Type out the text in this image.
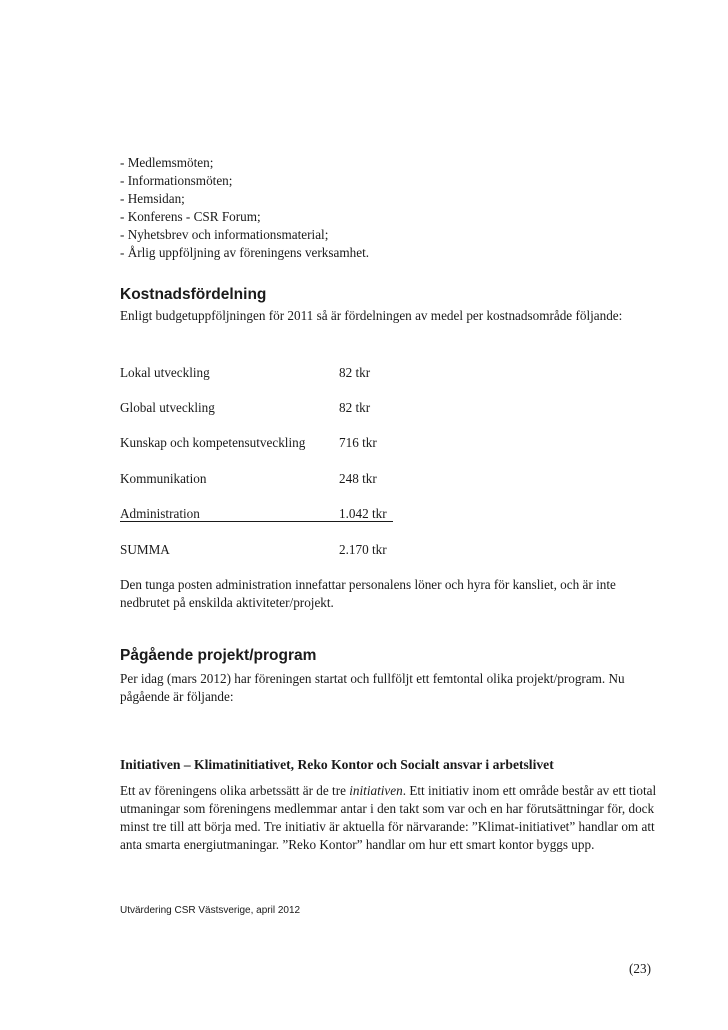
- Medlemsmöten;
- Informationsmöten;
- Hemsidan;
- Konferens - CSR Forum;
- Nyhetsbrev och informationsmaterial;
- Årlig uppföljning av föreningens verksamhet.
Kostnadsfördelning
Enligt budgetuppföljningen för 2011 så är fördelningen av medel per kostnadsområde följande:
Lokal utveckling	82 tkr
Global utveckling	82 tkr
Kunskap och kompetensutveckling	716 tkr
Kommunikation	248 tkr
Administration	1.042 tkr
SUMMA	2.170 tkr
Den tunga posten administration innefattar personalens löner och hyra för kansliet, och är inte nedbrutet på enskilda aktiviteter/projekt.
Pågående projekt/program
Per idag (mars 2012) har föreningen startat och fullföljt ett femtontal olika projekt/program. Nu pågående är följande:
Initiativen – Klimatinitiativet, Reko Kontor och Socialt ansvar i arbetslivet
Ett av föreningens olika arbetssätt är de tre initiativen. Ett initiativ inom ett område består av ett tiotal utmaningar som föreningens medlemmar antar i den takt som var och en har förutsättningar för, dock minst tre till att börja med. Tre initiativ är aktuella för närvarande: ”Klimat-initiativet” handlar om att anta smarta energiutmaningar. ”Reko Kontor” handlar om hur ett smart kontor byggs upp.
Utvärdering CSR Västsverige, april 2012
(23)
